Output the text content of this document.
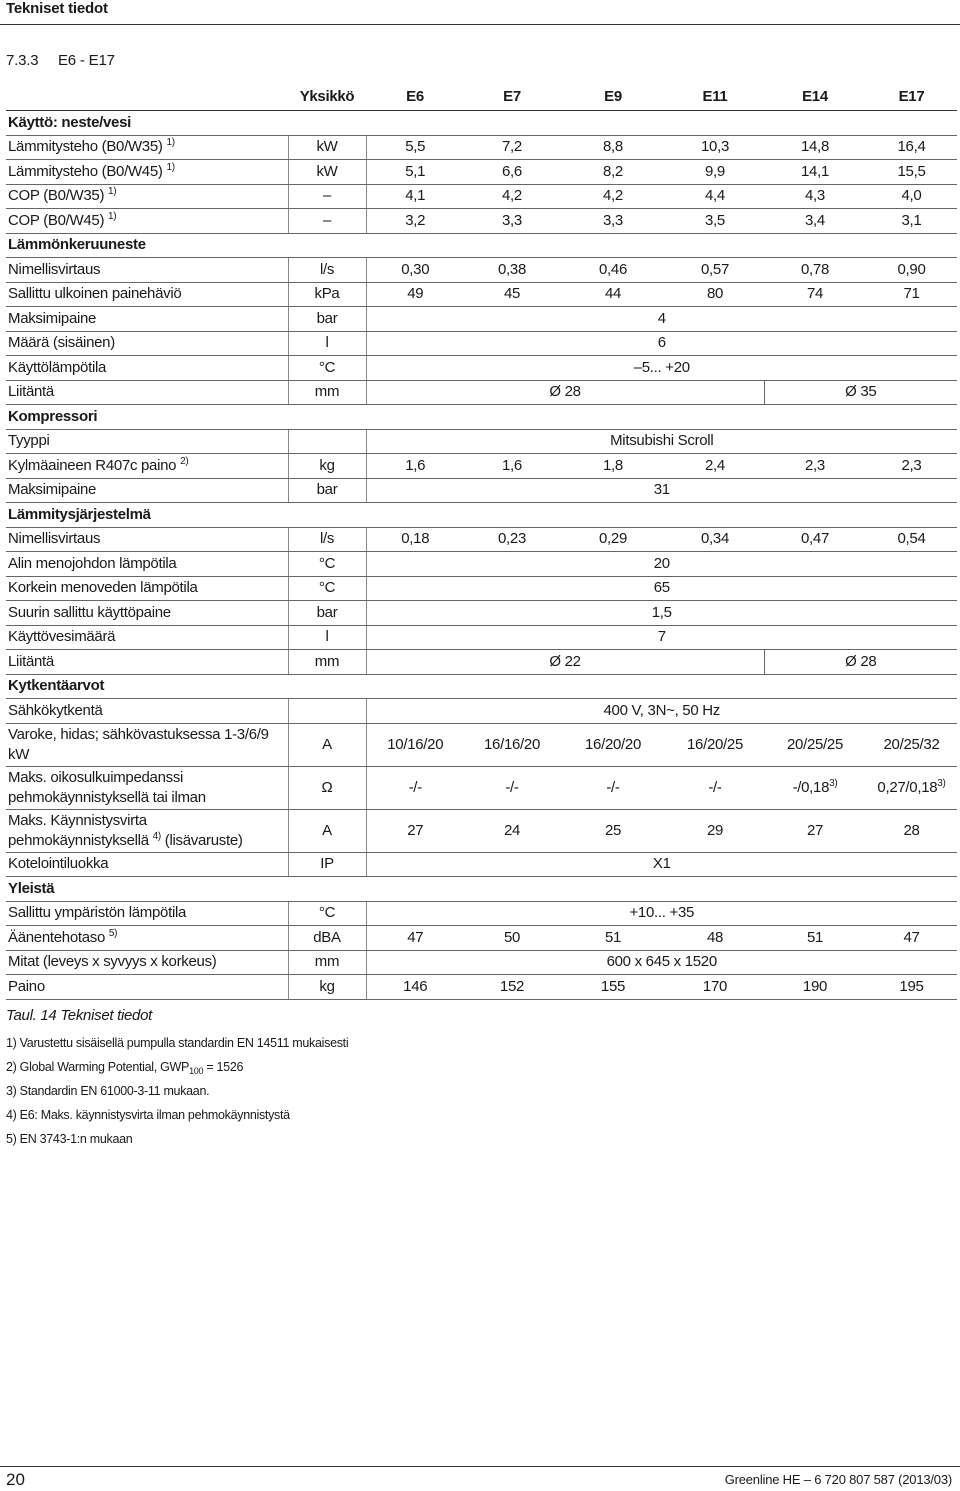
Tekniset tiedot
7.3.3 E6 - E17
	Yksikkö	E6	E7	E9	E11	E14	E17
Käyttö: neste/vesi							
Lämmitysteho (B0/W35) $^{1)}$	kW	5,5	7,2	8,8	10,3	14,8	16,4
Lämmitysteho (B0/W45) $^{1)}$	kW	5,1	6,6	8,2	9,9	14,1	15,5
COP (B0/W35) $^{1)}$	–	4,1	4,2	4,2	4,4	4,3	4,0
COP (B0/W45) $^{1)}$	–	3,2	3,3	3,3	3,5	3,4	3,1
Lämmönkeruuneste							
Nimellisvirtaus	l/s	0,30	0,38	0,46	0,57	0,78	0,90
Sallittu ulkoinen painehäviö	kPa	49	45	44	80	74	71
Maksimipaine	bar	4					
Määrä (sisäinen)	l	6					
Käyttölämpötila	°C	–5... +20					
Liitäntä	mm	Ø 28				Ø 35	
Kompressori							
Tyyppi		Mitsubishi Scroll					
Kylmäaineen R407c paino $^{2)}$	kg	1,6	1,6	1,8	2,4	2,3	2,3
Maksimipaine	bar	31					
Lämmitysjärjestelmä							
Nimellisvirtaus	l/s	0,18	0,23	0,29	0,34	0,47	0,54
Alin menojohdon lämpötila	°C	20					
Korkein menoveden lämpötila	°C	65					
Suurin sallittu käyttöpaine	bar	1,5					
Käyttövesimäärä	l	7					
Liitäntä	mm	Ø 22				Ø 28	
Kytkentäarvot							
Sähkökytkentä		400 V, 3N~, 50 Hz					
Varoke, hidas; sähkövastuksessa 1-3/6/9 kW	A	10/16/20	16/16/20	16/20/20	16/20/25	20/25/25	20/25/32
Maks. oikosulkuimpedanssi pehmokäynnistyksellä tai ilman	Ω	-/-	-/-	-/-	-/-	-/0,18$^{3)}$	0,27/0,18$^{3)}$
Maks. Käynnistysvirta pehmokäynnistyksellä $^{4)}$ (lisävaruste)	A	27	24	25	29	27	28
Kotelointiluokka	IP	X1					
Yleistä							
Sallittu ympäristön lämpötila	°C	+10... +35					
Äänentehotaso $^{5)}$	dBA	47	50	51	48	51	47
Mitat (leveys x syvyys x korkeus)	mm	600 x 645 x 1520					
Paino	kg	146	152	155	170	190	195
Taul. 14 Tekniset tiedot
1) Varustettu sisäisellä pumpulla standardin EN 14511 mukaisesti
2) Global Warming Potential, $GWP_{100} = 1526$
3) Standardin EN 61000-3-11 mukaan.
4) E6: Maks. käynnistysvirta ilman pehmokäynnistystä
5) EN 3743-1:n mukaan
20	Greenline HE – 6 720 807 587 (2013/03)
